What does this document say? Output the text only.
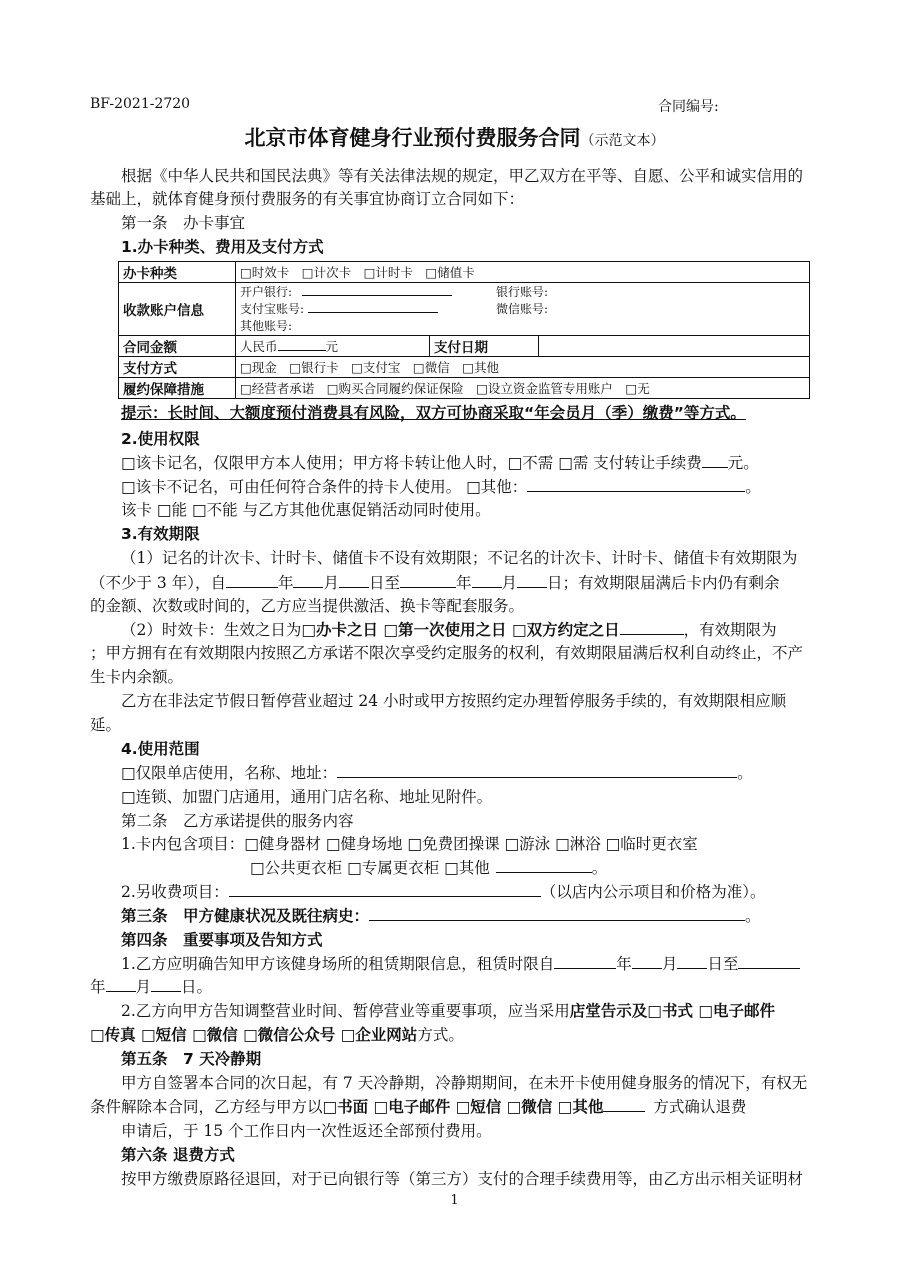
BF-2021-2720	合同编号:
北京市体育健身行业预付费服务合同（示范文本）
根据《中华人民共和国民法典》等有关法律法规的规定，甲乙双方在平等、自愿、公平和诚实信用的
基础上，就体育健身预付费服务的有关事宜协商订立合同如下：
第一条　办卡事宜
1.办卡种类、费用及支付方式
办卡种类	□时效卡　□计次卡　□计时卡　□储值卡		
收款账户信息	开户银行: 银行账号:
支付宝账号: 微信账号:
其他账号:		

合同金额	人民币 元	支付日期	
支付方式	□现金　□银行卡　□支付宝　□微信　□其他		
履约保障措施	□经营者承诺　□购买合同履约保证保险　□设立资金监管专用账户　□无		
提示：长时间、大额度预付消费具有风险，双方可协商采取“年会员月（季）缴费”等方式。
2.使用权限
□该卡记名，仅限甲方本人使用；甲方将卡转让他人时，□不需 □需 支付转让手续费 元。
□该卡不记名，可由任何符合条件的持卡人使用。 □其他：	。
该卡 □能 □不能 与乙方其他优惠促销活动同时使用。
3.有效期限
（1）记名的计次卡、计时卡、储值卡不设有效期限；不记名的计次卡、计时卡、储值卡有效期限为
（不少于 3 年），自	年 月 日至	年 月 日；有效期限届满后卡内仍有剩余
的金额、次数或时间的，乙方应当提供激活、换卡等配套服务。
（2）时效卡：生效之日为□办卡之日 □第一次使用之日 □双方约定之日	，有效期限为
；甲方拥有在有效期限内按照乙方承诺不限次享受约定服务的权利，有效期限届满后权利自动终止，不产
生卡内余额。
乙方在非法定节假日暂停营业超过 24 小时或甲方按照约定办理暂停服务手续的，有效期限相应顺
延。
4.使用范围
□仅限单店使用，名称、地址：	。
□连锁、加盟门店通用，通用门店名称、地址见附件。
第二条　乙方承诺提供的服务内容
1.卡内包含项目：□健身器材 □健身场地 □免费团操课 □游泳 □淋浴 □临时更衣室
□公共更衣柜 □专属更衣柜 □其他	。
2.另收费项目：	（以店内公示项目和价格为准）。
第三条　甲方健康状况及既往病史：	。
第四条　重要事项及告知方式
1.乙方应明确告知甲方该健身场所的租赁期限信息，租赁时限自	年 月 日至
年 月 日。
2.乙方向甲方告知调整营业时间、暂停营业等重要事项，应当采用店堂告示及□书式 □电子邮件
□传真 □短信 □微信 □微信公众号 □企业网站方式。
第五条　7 天冷静期
甲方自签署本合同的次日起，有 7 天冷静期，冷静期期间，在未开卡使用健身服务的情况下，有权无
条件解除本合同，乙方经与甲方以□书面 □电子邮件 □短信 □微信 □其他	方式确认退费
申请后，于 15 个工作日内一次性返还全部预付费用。
第六条 退费方式
按甲方缴费原路径退回，对于已向银行等（第三方）支付的合理手续费用等，由乙方出示相关证明材
1
